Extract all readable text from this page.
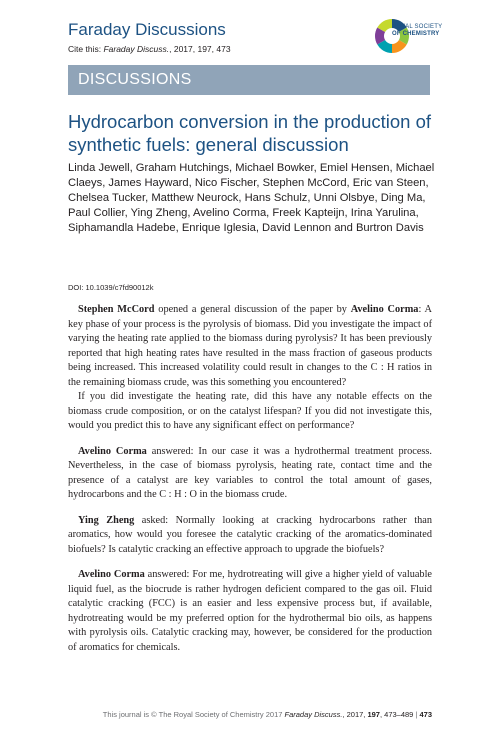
Faraday Discussions
Cite this: Faraday Discuss., 2017, 197, 473
ROYAL SOCIETY
OF CHEMISTRY
DISCUSSIONS
Hydrocarbon conversion in the production of synthetic fuels: general discussion
Linda Jewell, Graham Hutchings, Michael Bowker, Emiel Hensen, Michael Claeys, James Hayward, Nico Fischer, Stephen McCord, Eric van Steen, Chelsea Tucker, Matthew Neurock, Hans Schulz, Unni Olsbye, Ding Ma, Paul Collier, Ying Zheng, Avelino Corma, Freek Kapteijn, Irina Yarulina, Siphamandla Hadebe, Enrique Iglesia, David Lennon and Burtron Davis
DOI: 10.1039/c7fd90012k

Stephen McCord opened a general discussion of the paper by Avelino Corma: A key phase of your process is the pyrolysis of biomass. Did you investigate the impact of varying the heating rate applied to the biomass during pyrolysis? It has been previously reported that high heating rates have resulted in the mass fraction of gaseous products being increased. This increased volatility could result in changes to the C : H ratios in the remaining biomass crude, was this something you encountered?

If you did investigate the heating rate, did this have any notable effects on the biomass crude composition, or on the catalyst lifespan? If you did not investigate this, would you predict this to have any significant effect on performance?

Avelino Corma answered: In our case it was a hydrothermal treatment process. Nevertheless, in the case of biomass pyrolysis, heating rate, contact time and the presence of a catalyst are key variables to control the total amount of gases, hydrocarbons and the C : H : O in the biomass crude.

Ying Zheng asked: Normally looking at cracking hydrocarbons rather than aromatics, how would you foresee the catalytic cracking of the aromatics-dominated biofuels? Is catalytic cracking an effective approach to upgrade the biofuels?

Avelino Corma answered: For me, hydrotreating will give a higher yield of valuable liquid fuel, as the biocrude is rather hydrogen deficient compared to the gas oil. Fluid catalytic cracking (FCC) is an easier and less expensive process but, if available, hydrotreating would be my preferred option for the hydrothermal bio oils, as happens with pyrolysis oils. Catalytic cracking may, however, be considered for the production of aromatics for chemicals.

This journal is © The Royal Society of Chemistry 2017 Faraday Discuss., 2017, 197, 473–489 | 473
